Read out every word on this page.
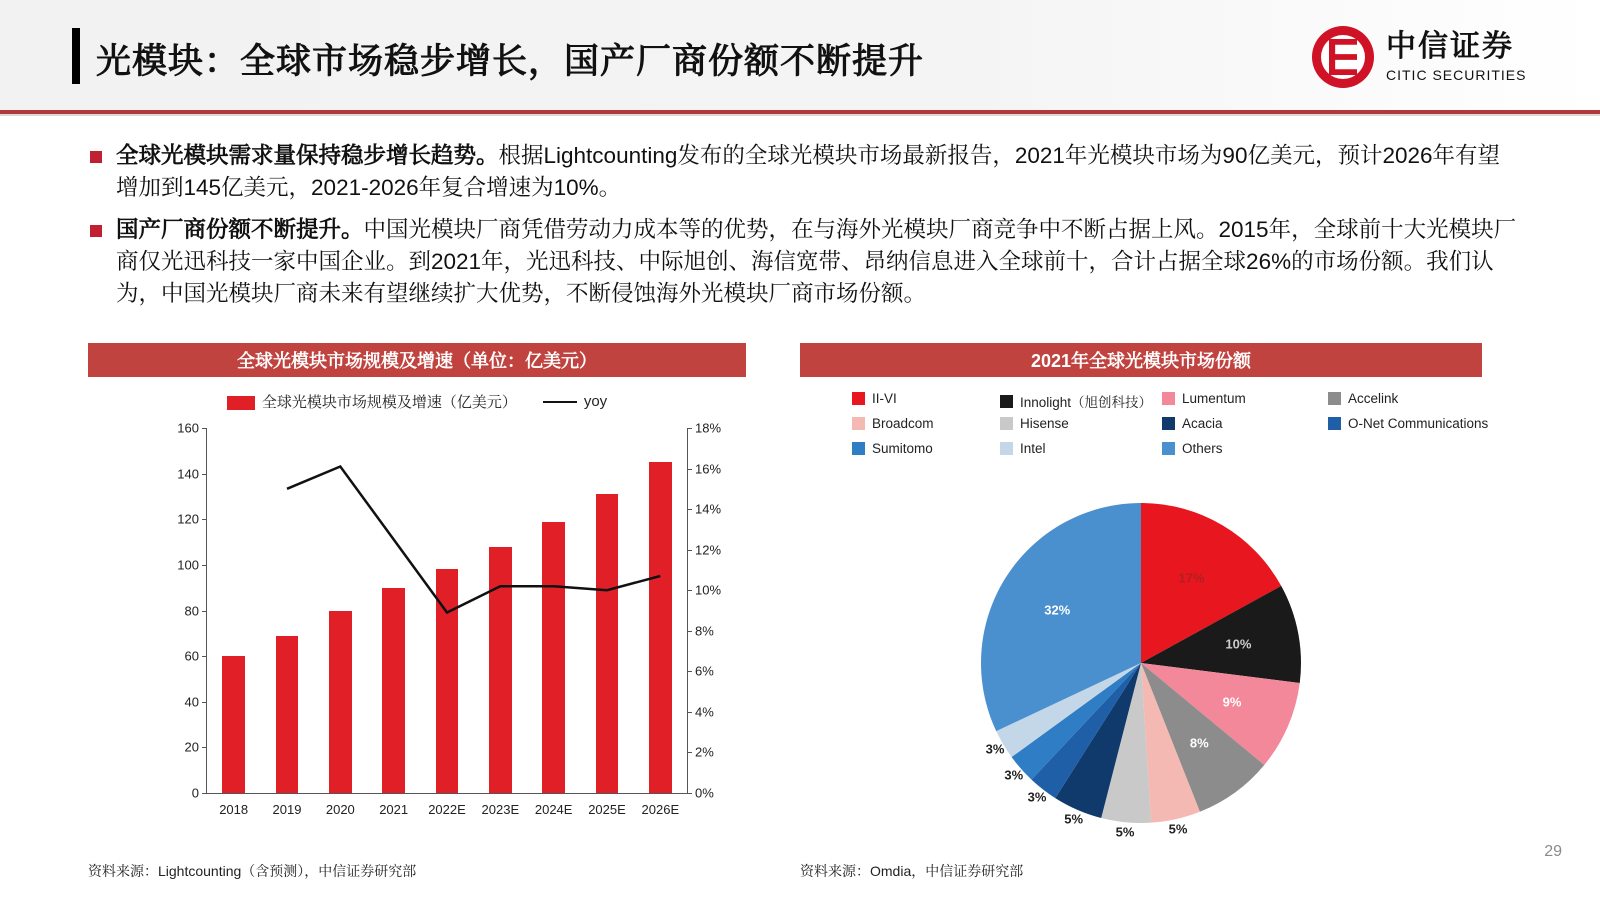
光模块：全球市场稳步增长，国产厂商份额不断提升	中信证券
CITIC SECURITIES
全球光模块需求量保持稳步增长趋势。根据Lightcounting发布的全球光模块市场最新报告，2021年光模块市场为90亿美元，预计2026年有望增加到145亿美元，2021-2026年复合增速为10%。
国产厂商份额不断提升。中国光模块厂商凭借劳动力成本等的优势，在与海外光模块厂商竞争中不断占据上风。2015年，全球前十大光模块厂商仅光迅科技一家中国企业。到2021年，光迅科技、中际旭创、海信宽带、昂纳信息进入全球前十，合计占据全球26%的市场份额。我们认为，中国光模块厂商未来有望继续扩大优势，不断侵蚀海外光模块厂商市场份额。
全球光模块市场规模及增速（单位：亿美元）
全球光模块市场规模及增速（亿美元）	yoy
0
20
40
60
80
100
120
140
160
0%
2%
4%
6%
8%
10%
12%
14%
16%
18%
2018 2019 2020 2021 2022E 2023E 2024E 2025E 2026E
资料来源：Lightcounting（含预测），中信证券研究部
2021年全球光模块市场份额
II-VI	Innolight（旭创科技） Lumentum	Accelink
Broadcom	Hisense	Acacia	O-Net Communications
Sumitomo	Intel	Others
17%
10%
9%
8%
5%
5%
5%
3%
3%
3%
32%
资料来源：Omdia，中信证券研究部
29
